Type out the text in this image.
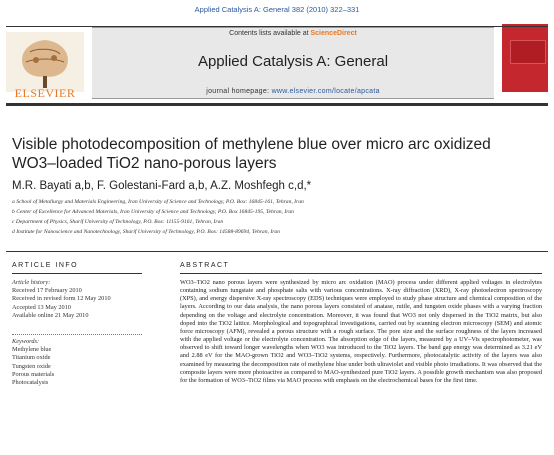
Applied Catalysis A: General 382 (2010) 322–331
Contents lists available at ScienceDirect
Applied Catalysis A: General
journal homepage: www.elsevier.com/locate/apcata
ELSEVIER
Visible photodecomposition of methylene blue over micro arc oxidized
WO3–loaded TiO2 nano-porous layers
M.R. Bayati a,b, F. Golestani-Fard a,b, A.Z. Moshfegh c,d,*
a School of Metallurgy and Materials Engineering, Iran University of Science and Technology, P.O. Box: 16845-161, Tehran, Iran
b Center of Excellence for Advanced Materials, Iran University of Science and Technology, P.O. Box 16845-195, Tehran, Iran
c Department of Physics, Sharif University of Technology, P.O. Box: 11155-9161, Tehran, Iran
d Institute for Nanoscience and Nanotechnology, Sharif University of Technology, P.O. Box: 14588-89694, Tehran, Iran
ARTICLE INFO
Article history:
Received 17 February 2010
Received in revised form 12 May 2010
Accepted 13 May 2010
Available online 21 May 2010
Keywords:
Methylene blue
Titanium oxide
Tungsten oxide
Porous materials
Photocatalysis
ABSTRACT
WO3–TiO2 nano porous layers were synthesized by micro arc oxidation (MAO) process under different applied voltages in electrolytes containing sodium tungstate and phosphate salts with various concentrations. X-ray diffraction (XRD), X-ray photoelectron spectroscopy (XPS), and energy dispersive X-ray spectroscopy (EDS) techniques were employed to study phase structure and chemical composition of the layers. According to our data analysis, the nano porous layers consisted of anatase, rutile, and tungsten oxide phases with a varying fraction depending on the voltage and electrolyte concentration. Moreover, it was found that WO3 not only dispersed in the TiO2 matrix, but also doped into the TiO2 lattice. Morphological and topographical investigations, carried out by scanning electron microscopy (SEM) and atomic force microscopy (AFM), revealed a porous structure with a rough surface. The pore size and the surface roughness of the layers increased with the applied voltage or the electrolyte concentration. The absorption edge of the layers, measured by a UV–Vis spectrophotometer, was observed to shift toward longer wavelengths when WO3 was introduced to the TiO2 layers. The band gap energy was determined as 3.21 eV and 2.88 eV for the MAO-grown TiO2 and WO3–TiO2 systems, respectively. Furthermore, photocatalytic activity of the layers was also examined by measuring the decomposition rate of methylene blue under both ultraviolet and visible photo irradiations. It was observed that the composite layers were more photoactive as compared to MAO-synthesized pure TiO2 layers. A possible growth mechanism was also proposed for the formation of WO3–TiO2 films via MAO process with emphasis on the electrochemical bases for the first time.
